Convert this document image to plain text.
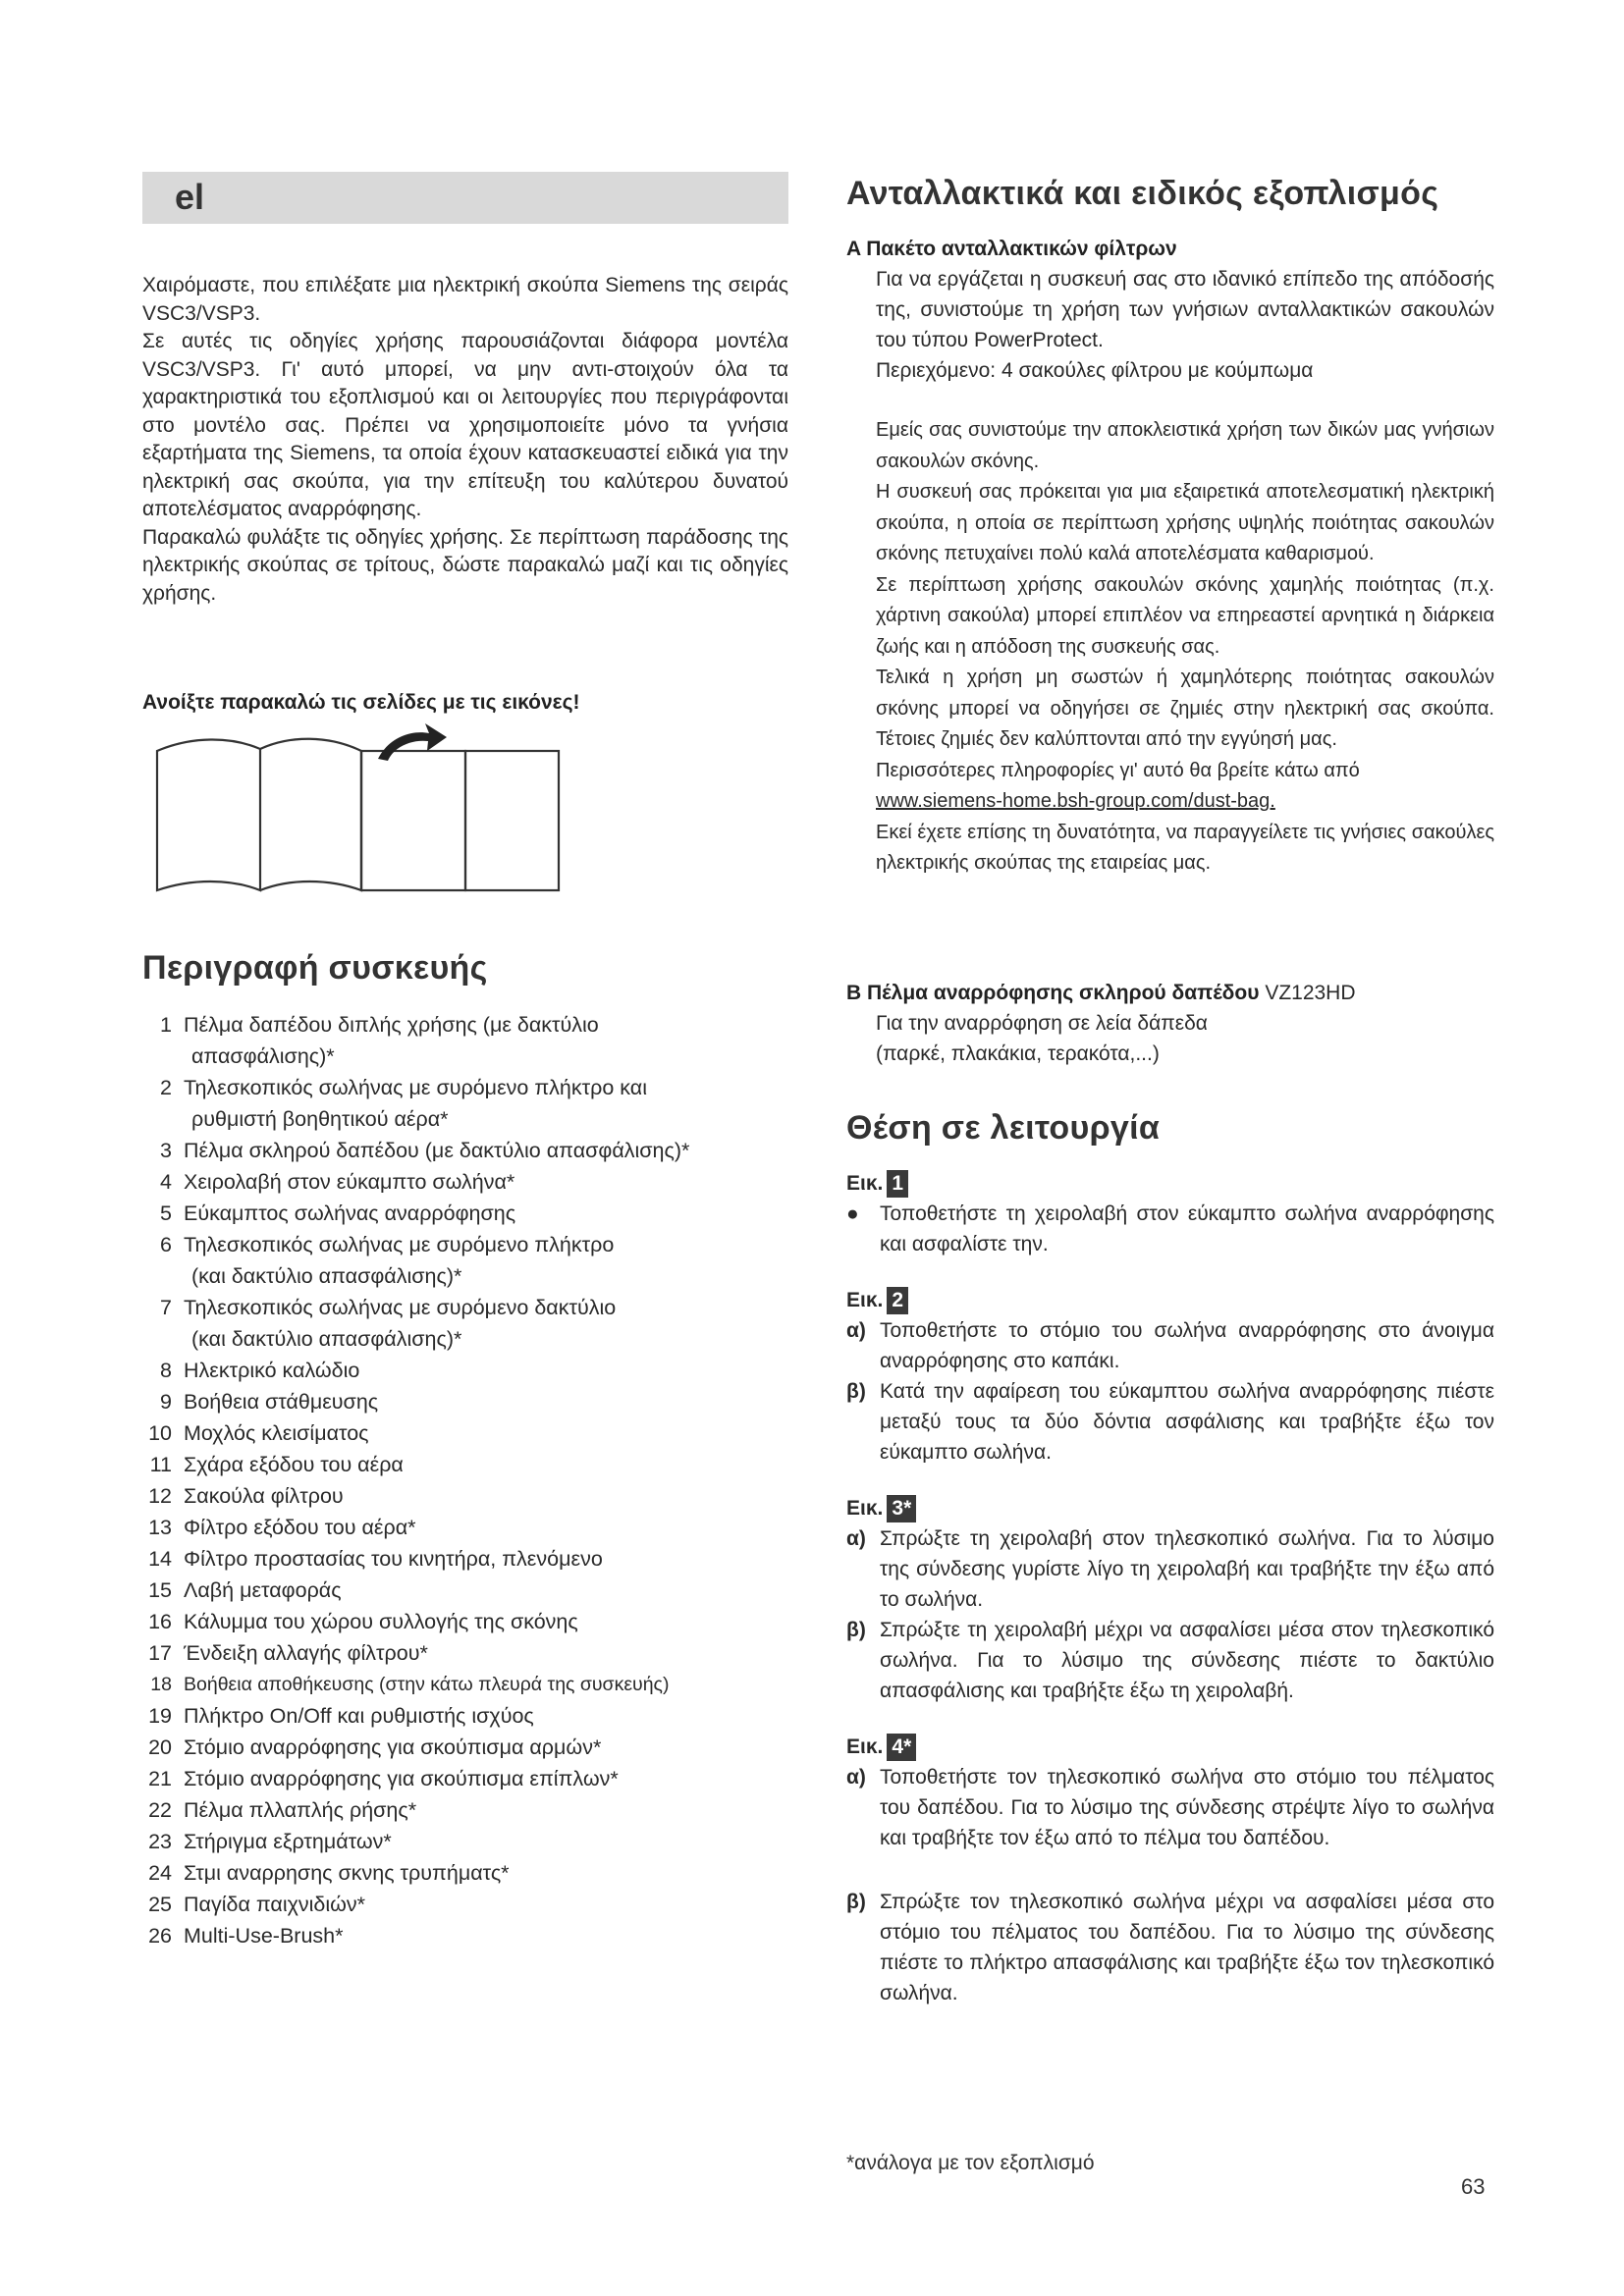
el

Χαιρόμαστε, που επιλέξατε μια ηλεκτρική σκούπα Siemens της σειράς VSC3/VSP3.

Σε αυτές τις οδηγίες χρήσης παρουσιάζονται διάφορα μοντέλα VSC3/VSP3. Γι' αυτό μπορεί, να μην αντι-στοιχούν όλα τα χαρακτηριστικά του εξοπλισμού και οι λειτουργίες που περιγράφονται στο μοντέλο σας. Πρέπει να χρησιμοποιείτε μόνο τα γνήσια εξαρτήματα της Siemens, τα οποία έχουν κατασκευαστεί ειδικά για την ηλεκτρική σας σκούπα, για την επίτευξη του καλύτερου δυνατού αποτελέσματος αναρρόφησης.

Παρακαλώ φυλάξτε τις οδηγίες χρήσης. Σε περίπτωση παράδοσης της ηλεκτρικής σκούπας σε τρίτους, δώστε παρακαλώ μαζί και τις οδηγίες χρήσης.

Ανοίξτε παρακαλώ τις σελίδες με τις εικόνες!
Περιγραφή συσκευής
1 Πέλμα δαπέδου διπλής χρήσης (με δακτύλιο
απασφάλισης)*
2 Τηλεσκοπικός σωλήνας με συρόμενο πλήκτρο και
ρυθμιστή βοηθητικού αέρα*
3 Πέλμα σκληρού δαπέδου (με δακτύλιο απασφάλισης)*
4 Χειρολαβή στον εύκαμπτο σωλήνα*
5 Εύκαμπτος σωλήνας αναρρόφησης
6 Τηλεσκοπικός σωλήνας με συρόμενο πλήκτρο
(και δακτύλιο απασφάλισης)*
7 Τηλεσκοπικός σωλήνας με συρόμενο δακτύλιο
(και δακτύλιο απασφάλισης)*
8 Ηλεκτρικό καλώδιο
9 Βοήθεια στάθμευσης
10 Μοχλός κλεισίματος
11 Σχάρα εξόδου του αέρα
12 Σακούλα φίλτρου
13 Φίλτρο εξόδου του αέρα*
14 Φίλτρο προστασίας του κινητήρα, πλενόμενο
15 Λαβή μεταφοράς
16 Κάλυμμα του χώρου συλλογής της σκόνης
17 Ένδειξη αλλαγής φίλτρου*
18 Βοήθεια αποθήκευσης (στην κάτω πλευρά της συσκευής)
19 Πλήκτρο On/Off και ρυθμιστής ισχύος
20 Στόμιο αναρρόφησης για σκούπισμα αρμών*
21 Στόμιο αναρρόφησης για σκούπισμα επίπλων*
22 Πέλμα πλλαπλής ρήσης*
23 Στήριγμα εξρτημάτων*
24 Στμι αναρρησης σκνης τρυπήματς*
25 Παγίδα παιχνιδιών*
26 Multi-Use-Brush*
Ανταλλακτικά και ειδικός εξοπλισμός
A Πακέτο ανταλλακτικών φίλτρων
Για να εργάζεται η συσκευή σας στο ιδανικό επίπεδο της απόδοσής της, συνιστούμε τη χρήση των γνήσιων ανταλλακτικών σακουλών του τύπου PowerProtect.
Περιεχόμενο: 4 σακούλες φίλτρου με κούμπωμα
Εμείς σας συνιστούμε την αποκλειστικά χρήση των δικών μας γνήσιων σακουλών σκόνης.
Η συσκευή σας πρόκειται για μια εξαιρετικά αποτελεσματική ηλεκτρική σκούπα, η οποία σε περίπτωση χρήσης υψηλής ποιότητας σακουλών σκόνης πετυχαίνει πολύ καλά αποτελέσματα καθαρισμού.
Σε περίπτωση χρήσης σακουλών σκόνης χαμηλής ποιότητας (π.χ. χάρτινη σακούλα) μπορεί επιπλέον να επηρεαστεί αρνητικά η διάρκεια ζωής και η απόδοση της συσκευής σας.
Τελικά η χρήση μη σωστών ή χαμηλότερης ποιότητας σακουλών σκόνης μπορεί να οδηγήσει σε ζημιές στην ηλεκτρική σας σκούπα. Τέτοιες ζημιές δεν καλύπτονται από την εγγύησή μας.
Περισσότερες πληροφορίες γι' αυτό θα βρείτε κάτω από
www.siemens-home.bsh-group.com/dust-bag.
Εκεί έχετε επίσης τη δυνατότητα, να παραγγείλετε τις γνήσιες σακούλες ηλεκτρικής σκούπας της εταιρείας μας.
B Πέλμα αναρρόφησης σκληρού δαπέδου VZ123HD
Για την αναρρόφηση σε λεία δάπεδα
(παρκέ, πλακάκια, τερακότα,...)
Θέση σε λειτουργία
Εικ. 1
● Τοποθετήστε τη χειρολαβή στον εύκαμπτο σωλήνα αναρρόφησης και ασφαλίστε την.
Εικ. 2
α) Τοποθετήστε το στόμιο του σωλήνα αναρρόφησης στο άνοιγμα αναρρόφησης στο καπάκι.
β) Κατά την αφαίρεση του εύκαμπτου σωλήνα αναρρόφησης πιέστε μεταξύ τους τα δύο δόντια ασφάλισης και τραβήξτε έξω τον εύκαμπτο σωλήνα.
Εικ. 3*
α) Σπρώξτε τη χειρολαβή στον τηλεσκοπικό σωλήνα. Για το λύσιμο της σύνδεσης γυρίστε λίγο τη χειρολαβή και τραβήξτε την έξω από το σωλήνα.
β) Σπρώξτε τη χειρολαβή μέχρι να ασφαλίσει μέσα στον τηλεσκοπικό σωλήνα. Για το λύσιμο της σύνδεσης πιέστε το δακτύλιο απασφάλισης και τραβήξτε έξω τη χειρολαβή.
Εικ. 4*
α) Τοποθετήστε τον τηλεσκοπικό σωλήνα στο στόμιο του πέλματος του δαπέδου. Για το λύσιμο της σύνδεσης στρέψτε λίγο το σωλήνα και τραβήξτε τον έξω από το πέλμα του δαπέδου.
β) Σπρώξτε τον τηλεσκοπικό σωλήνα μέχρι να ασφαλίσει μέσα στο στόμιο του πέλματος του δαπέδου. Για το λύσιμο της σύνδεσης πιέστε το πλήκτρο απασφάλισης και τραβήξτε έξω τον τηλεσκοπικό σωλήνα.
*ανάλογα με τον εξοπλισμό
63
